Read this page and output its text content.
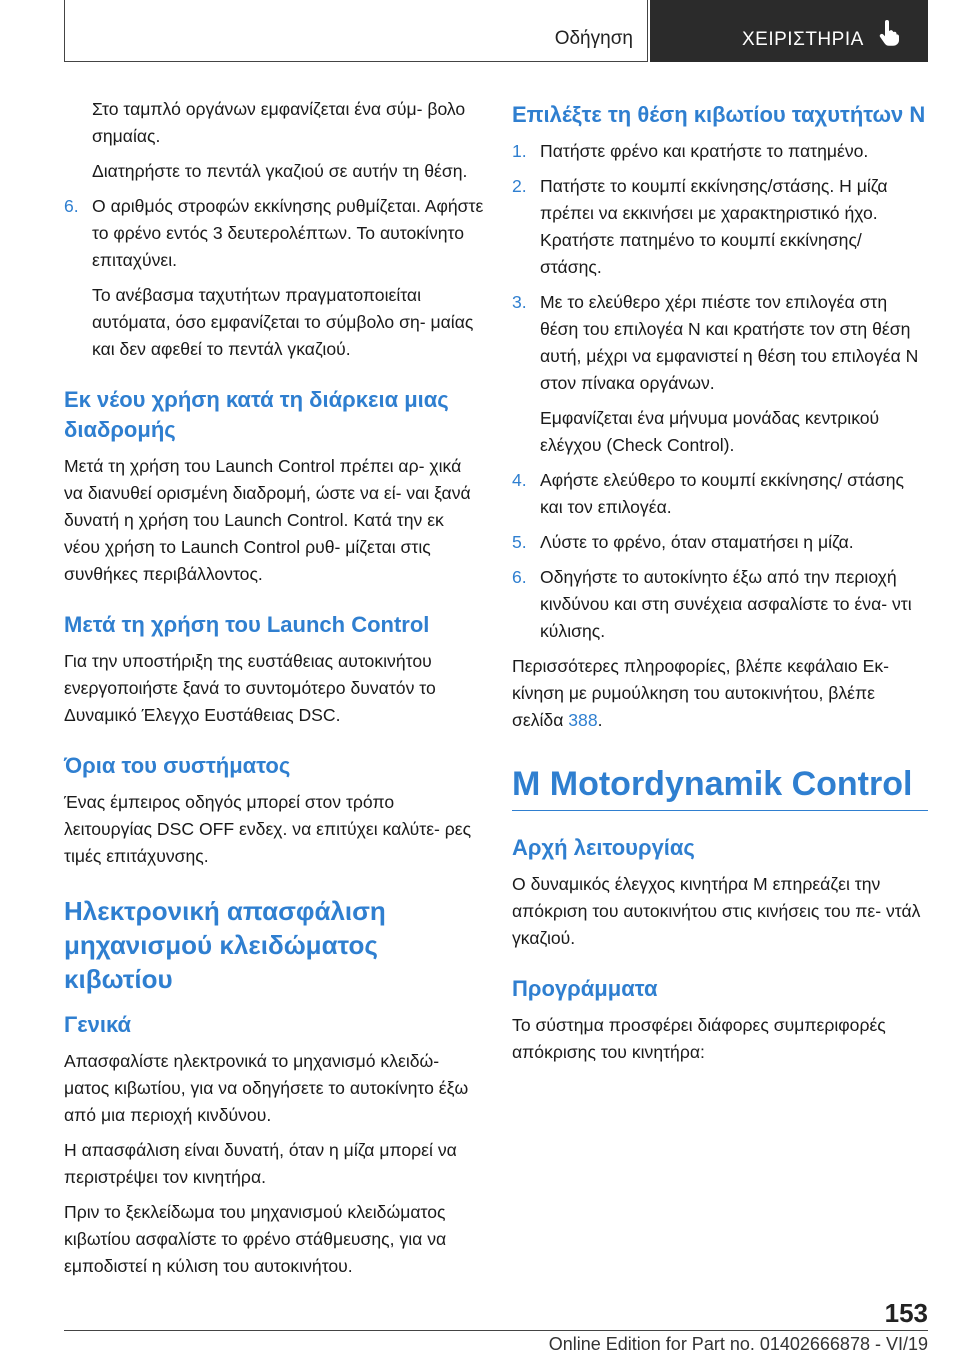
Οδήγηση	ΧΕΙΡΙΣΤΗΡΙΑ

Στο ταμπλό οργάνων εμφανίζεται ένα σύμ‐ βολο σημαίας.

Διατηρήστε το πεντάλ γκαζιού σε αυτήν τη θέση.

6. Ο αριθμός στροφών εκκίνησης ρυθμίζεται. Αφήστε το φρένο εντός 3 δευτερολέπτων. Το αυτοκίνητο επιταχύνει.

Το ανέβασμα ταχυτήτων πραγματοποιείται αυτόματα, όσο εμφανίζεται το σύμβολο ση‐ μαίας και δεν αφεθεί το πεντάλ γκαζιού.

Εκ νέου χρήση κατά τη διάρκεια μιας διαδρομής

Μετά τη χρήση του Launch Control πρέπει αρ‐ χικά να διανυθεί ορισμένη διαδρομή, ώστε να εί‐ ναι ξανά δυνατή η χρήση του Launch Control. Κατά την εκ νέου χρήση το Launch Control ρυθ‐ μίζεται στις συνθήκες περιβάλλοντος.

Μετά τη χρήση του Launch Control

Για την υποστήριξη της ευστάθειας αυτοκινήτου ενεργοποιήστε ξανά το συντομότερο δυνατόν το Δυναμικό Έλεγχο Ευστάθειας DSC.

Όρια του συστήματος

Ένας έμπειρος οδηγός μπορεί στον τρόπο λειτουργίας DSC OFF ενδεχ. να επιτύχει καλύτε‐ ρες τιμές επιτάχυνσης.

Ηλεκτρονική απασφάλιση μηχανισμού κλειδώματος κιβωτίου
Γενικά

Απασφαλίστε ηλεκτρονικά το μηχανισμό κλειδώ‐ ματος κιβωτίου, για να οδηγήσετε το αυτοκίνητο έξω από μια περιοχή κινδύνου.

Η απασφάλιση είναι δυνατή, όταν η μίζα μπορεί να περιστρέψει τον κινητήρα.

Πριν το ξεκλείδωμα του μηχανισμού κλειδώματος κιβωτίου ασφαλίστε το φρένο στάθμευσης, για να εμποδιστεί η κύλιση του αυτοκινήτου.

Επιλέξτε τη θέση κιβωτίου ταχυτήτων N
1. Πατήστε φρένο και κρατήστε το πατημένο.
2. Πατήστε το κουμπί εκκίνησης/στάσης. Η μίζα πρέπει να εκκινήσει με χαρακτηριστικό ήχο. Κρατήστε πατημένο το κουμπί εκκίνησης/ στάσης.
3. Με το ελεύθερο χέρι πιέστε τον επιλογέα στη θέση του επιλογέα N και κρατήστε τον στη θέση αυτή, μέχρι να εμφανιστεί η θέση του επιλογέα N στον πίνακα οργάνων.

Εμφανίζεται ένα μήνυμα μονάδας κεντρικού ελέγχου (Check Control).

4. Αφήστε ελεύθερο το κουμπί εκκίνησης/ στάσης και τον επιλογέα.
5. Λύστε το φρένο, όταν σταματήσει η μίζα.
6. Οδηγήστε το αυτοκίνητο έξω από την περιοχή κινδύνου και στη συνέχεια ασφαλίστε το ένα‐ ντι κύλισης.

Περισσότερες πληροφορίες, βλέπε κεφάλαιο Εκ‐ κίνηση με ρυμούλκηση του αυτοκινήτου, βλέπε σελίδα 388.

M Motordynamik Control
Αρχή λειτουργίας

Ο δυναμικός έλεγχος κινητήρα M επηρεάζει την απόκριση του αυτοκινήτου στις κινήσεις του πε‐ ντάλ γκαζιού.

Προγράμματα

Το σύστημα προσφέρει διάφορες συμπεριφορές απόκρισης του κινητήρα:

153
Online Edition for Part no. 01402666878 - VI/19
